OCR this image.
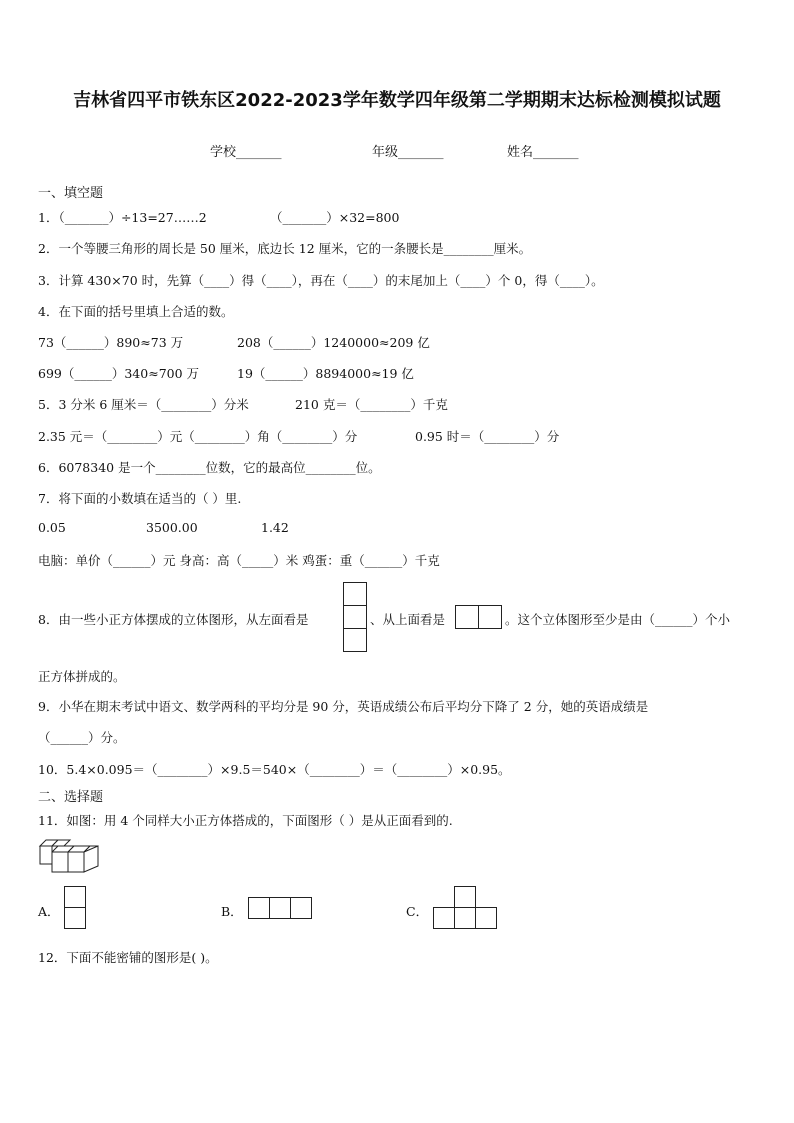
吉林省四平市铁东区2022-2023学年数学四年级第二学期期末达标检测模拟试题
学校_______	年级_______	姓名_______
一、填空题
1．（_______）÷13=27……2	（_______）×32=800
2．一个等腰三角形的周长是 50 厘米，底边长 12 厘米，它的一条腰长是________厘米。
3．计算 430×70 时，先算（____）得（____），再在（____）的末尾加上（____）个 0，得（____）。
4．在下面的括号里填上合适的数。
73（______）890≈73 万	208（______）1240000≈209 亿
699（______）340≈700 万	19（______）8894000≈19 亿
5．3 分米 6 厘米＝（________）分米	210 克＝（________）千克
2.35 元＝（________）元（________）角（________）分	0.95 时＝（________）分
6．6078340 是一个________位数，它的最高位________位。
7．将下面的小数填在适当的（ ）里.
0.05	3500.00	1.42
电脑：单价（______）元 身高：高（_____）米 鸡蛋：重（______）千克
8．由一些小正方体摆成的立体图形，从左面看是	、从上面看是	。这个立体图形至少是由（______）个小
正方体拼成的。
9．小华在期末考试中语文、数学两科的平均分是 90 分，英语成绩公布后平均分下降了 2 分，她的英语成绩是
（______）分。
10．5.4×0.095＝（________）×9.5＝540×（________）＝（________）×0.95。
二、选择题
11．如图：用 4 个同样大小正方体搭成的，下面图形（ ）是从正面看到的.
A．	B．	C．
12．下面不能密铺的图形是( )。
